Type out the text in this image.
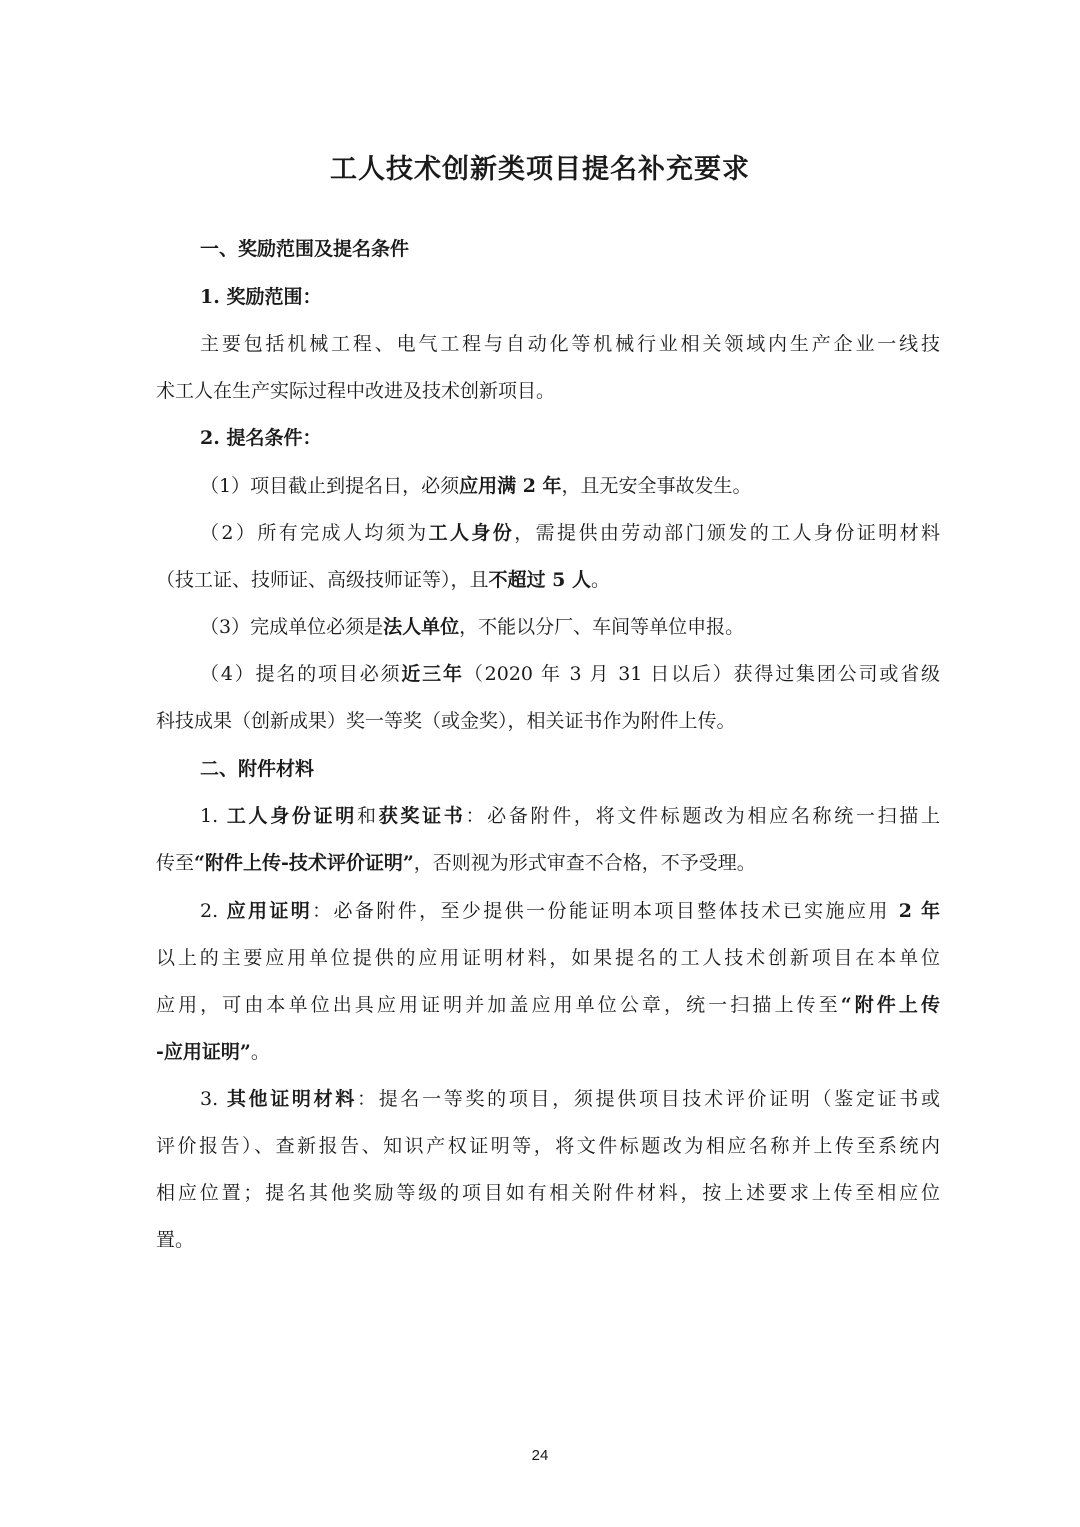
工人技术创新类项目提名补充要求
一、奖励范围及提名条件
1. 奖励范围：
主要包括机械工程、电气工程与自动化等机械行业相关领域内生产企业一线技
术工人在生产实际过程中改进及技术创新项目。
2. 提名条件：
（1）项目截止到提名日，必须应用满 2 年，且无安全事故发生。
（2）所有完成人均须为工人身份，需提供由劳动部门颁发的工人身份证明材料
（技工证、技师证、高级技师证等），且不超过 5 人。
（3）完成单位必须是法人单位，不能以分厂、车间等单位申报。
（4）提名的项目必须近三年（2020 年 3 月 31 日以后）获得过集团公司或省级
科技成果（创新成果）奖一等奖（或金奖），相关证书作为附件上传。
二、附件材料
1. 工人身份证明和获奖证书：必备附件，将文件标题改为相应名称统一扫描上
传至“附件上传-技术评价证明”，否则视为形式审查不合格，不予受理。
2. 应用证明：必备附件，至少提供一份能证明本项目整体技术已实施应用 2 年
以上的主要应用单位提供的应用证明材料，如果提名的工人技术创新项目在本单位
应用，可由本单位出具应用证明并加盖应用单位公章，统一扫描上传至“附件上传
-应用证明”。
3. 其他证明材料：提名一等奖的项目，须提供项目技术评价证明（鉴定证书或
评价报告）、查新报告、知识产权证明等，将文件标题改为相应名称并上传至系统内
相应位置；提名其他奖励等级的项目如有相关附件材料，按上述要求上传至相应位
置。
24
